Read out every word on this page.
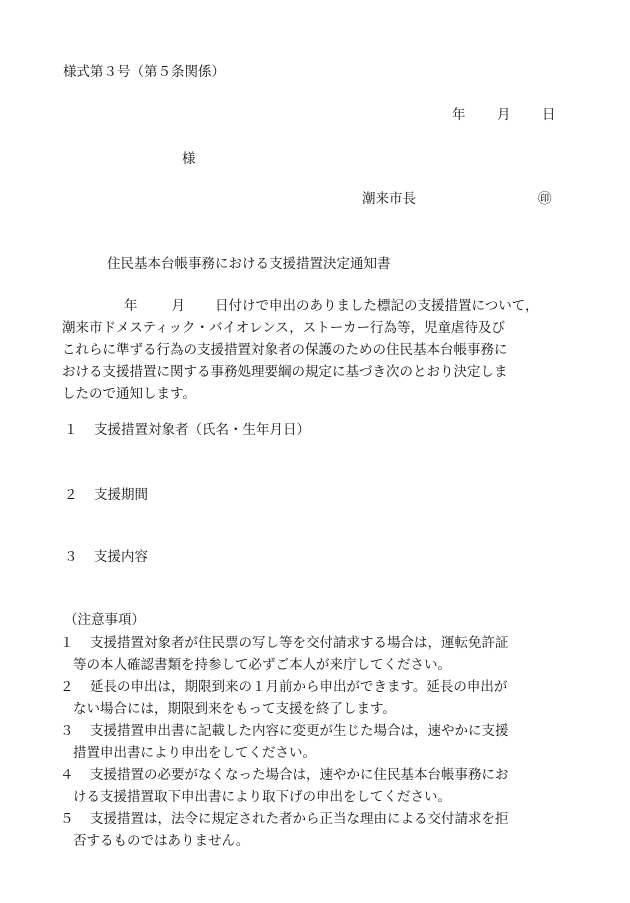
様式第３号（第５条関係）
年 月 日
様
潮来市長	㊞
住民基本台帳事務における支援措置決定通知書

年	月 日付けで申出のありました標記の支援措置について，

潮来市ドメスティック・バイオレンス，ストーカー行為等，児童虐待及び

これらに準ずる行為の支援措置対象者の保護のための住民基本台帳事務に

おける支援措置に関する事務処理要綱の規定に基づき次のとおり決定しま

したので通知します。

１ 支援措置対象者（氏名・生年月日）
２ 支援期間
３ 支援内容
（注意事項）

１ 支援措置対象者が住民票の写し等を交付請求する場合は，運転免許証
等の本人確認書類を持参して必ずご本人が来庁してください。

２ 延長の申出は，期限到来の１月前から申出ができます。延長の申出が
ない場合には，期限到来をもって支援を終了します。

３ 支援措置申出書に記載した内容に変更が生じた場合は，速やかに支援
措置申出書により申出をしてください。

４ 支援措置の必要がなくなった場合は，速やかに住民基本台帳事務にお
ける支援措置取下申出書により取下げの申出をしてください。

５ 支援措置は，法令に規定された者から正当な理由による交付請求を拒
否するものではありません。
